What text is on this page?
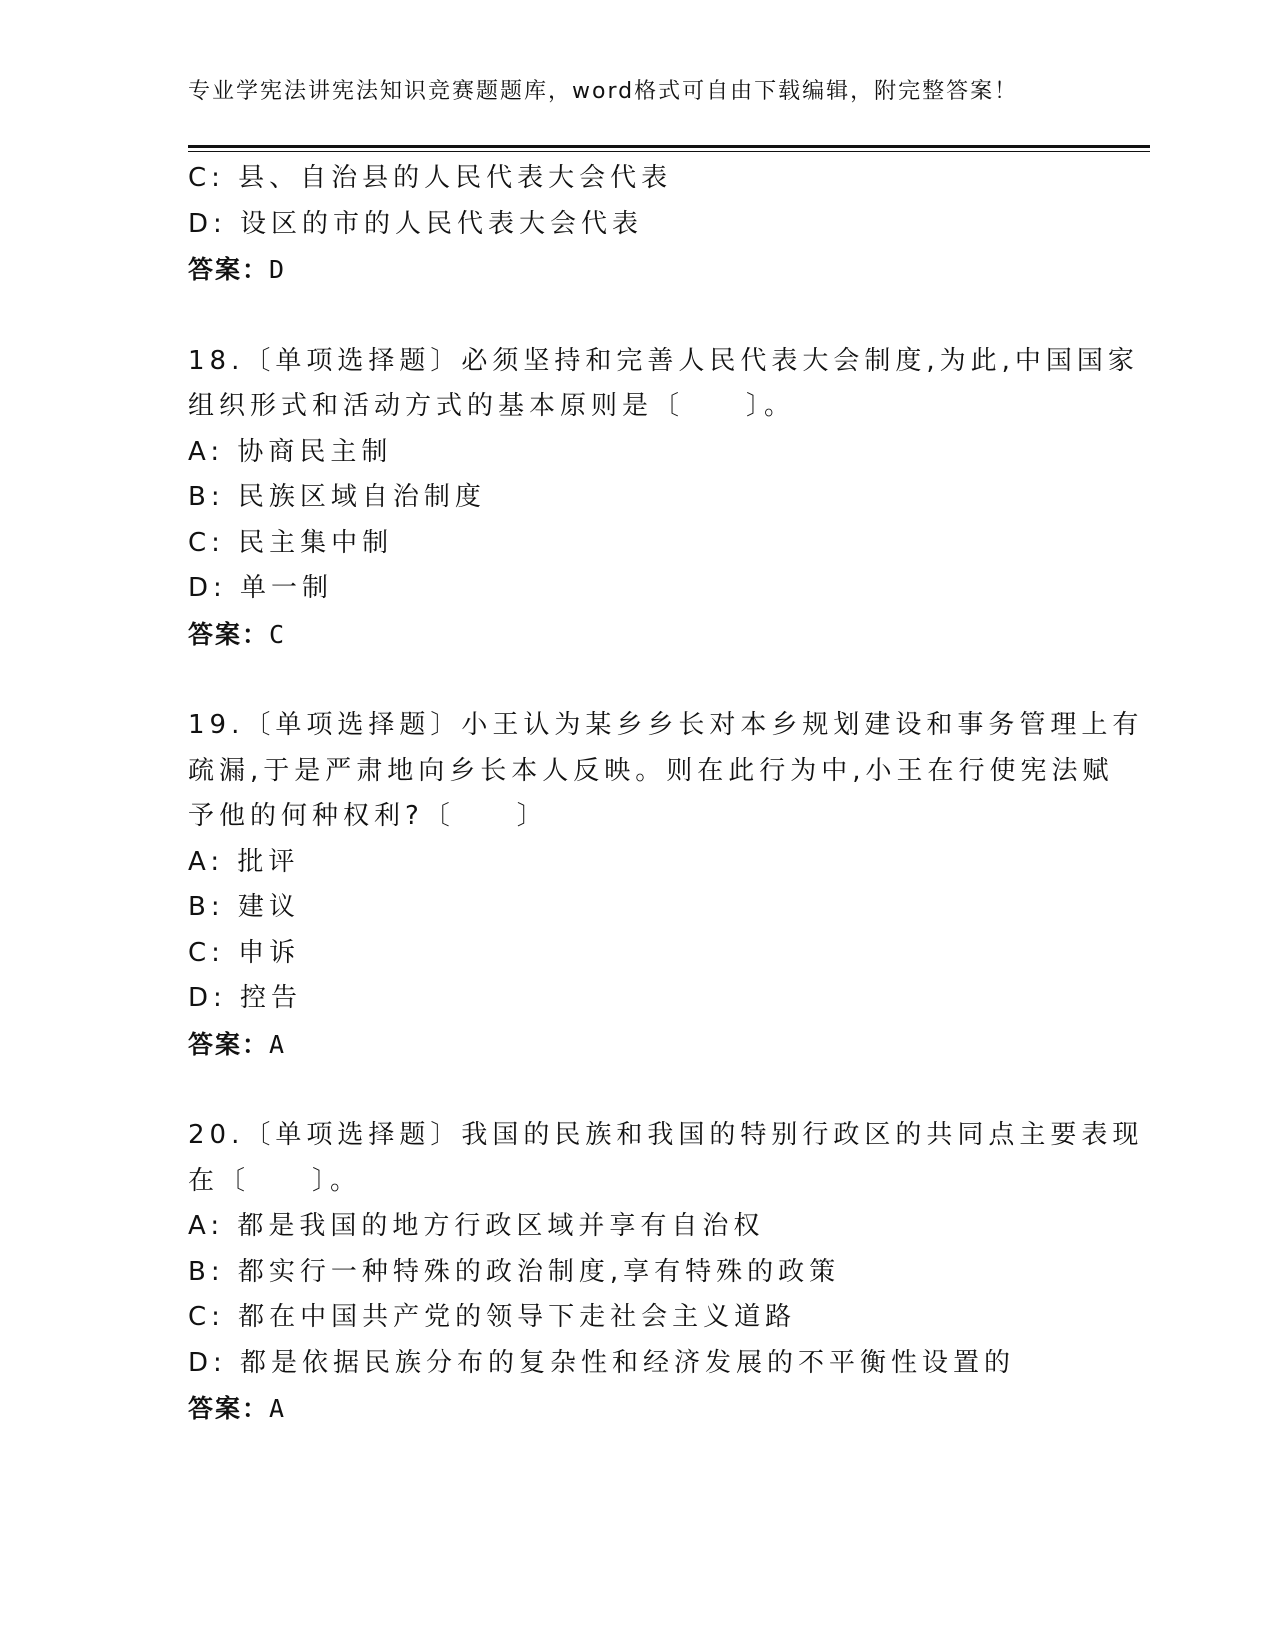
专业学宪法讲宪法知识竞赛题题库，word格式可自由下载编辑，附完整答案！
C: 县、自治县的人民代表大会代表
D: 设区的市的人民代表大会代表
答案：D
18.〔单项选择题〕必须坚持和完善人民代表大会制度,为此,中国国家
组织形式和活动方式的基本原则是〔　　〕。
A: 协商民主制
B: 民族区域自治制度
C: 民主集中制
D: 单一制
答案：C
19.〔单项选择题〕小王认为某乡乡长对本乡规划建设和事务管理上有
疏漏,于是严肃地向乡长本人反映。则在此行为中,小王在行使宪法赋
予他的何种权利?〔　　〕
A: 批评
B: 建议
C: 申诉
D: 控告
答案：A
20.〔单项选择题〕我国的民族和我国的特别行政区的共同点主要表现
在〔　　〕。
A: 都是我国的地方行政区域并享有自治权
B: 都实行一种特殊的政治制度,享有特殊的政策
C: 都在中国共产党的领导下走社会主义道路
D: 都是依据民族分布的复杂性和经济发展的不平衡性设置的
答案：A
